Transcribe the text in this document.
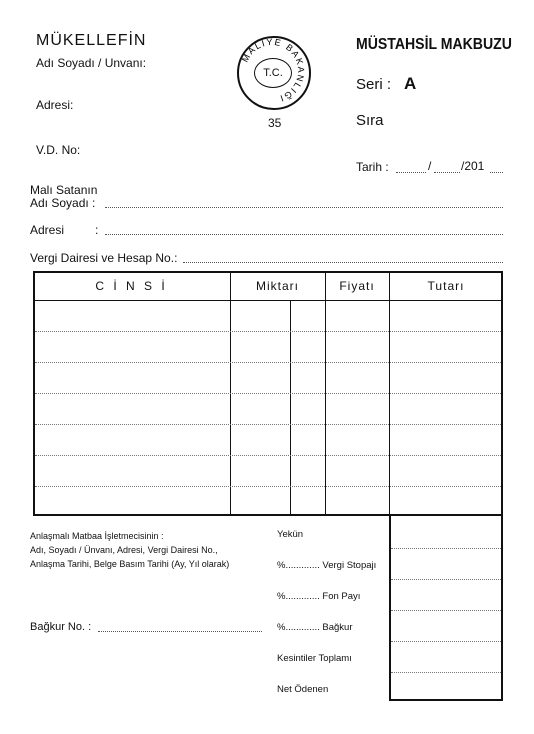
MÜKELLEFİN
Adı Soyadı / Unvanı:
Adresi:
V.D. No:
MALİYE BAKANLIĞI
T.C.
35
MÜSTAHSİL MAKBUZU
Seri : A
Sıra
Tarih :	/ /201
Malı Satanın
Adı Soyadı :
Adresi	:
Vergi Dairesi ve Hesap No.:
C İ N S İ	Miktarı	Fiyatı	Tutarı
Anlaşmalı Matbaa İşletmecisinin :
Adı, Soyadı / Ünvanı, Adresi, Vergi Dairesi No.,
Anlaşma Tarihi, Belge Basım Tarihi (Ay, Yıl olarak)
Bağkur No. :
Yekün
%............. Vergi Stopajı
%............. Fon Payı
%............. Bağkur
Kesintiler Toplamı
Net Ödenen
